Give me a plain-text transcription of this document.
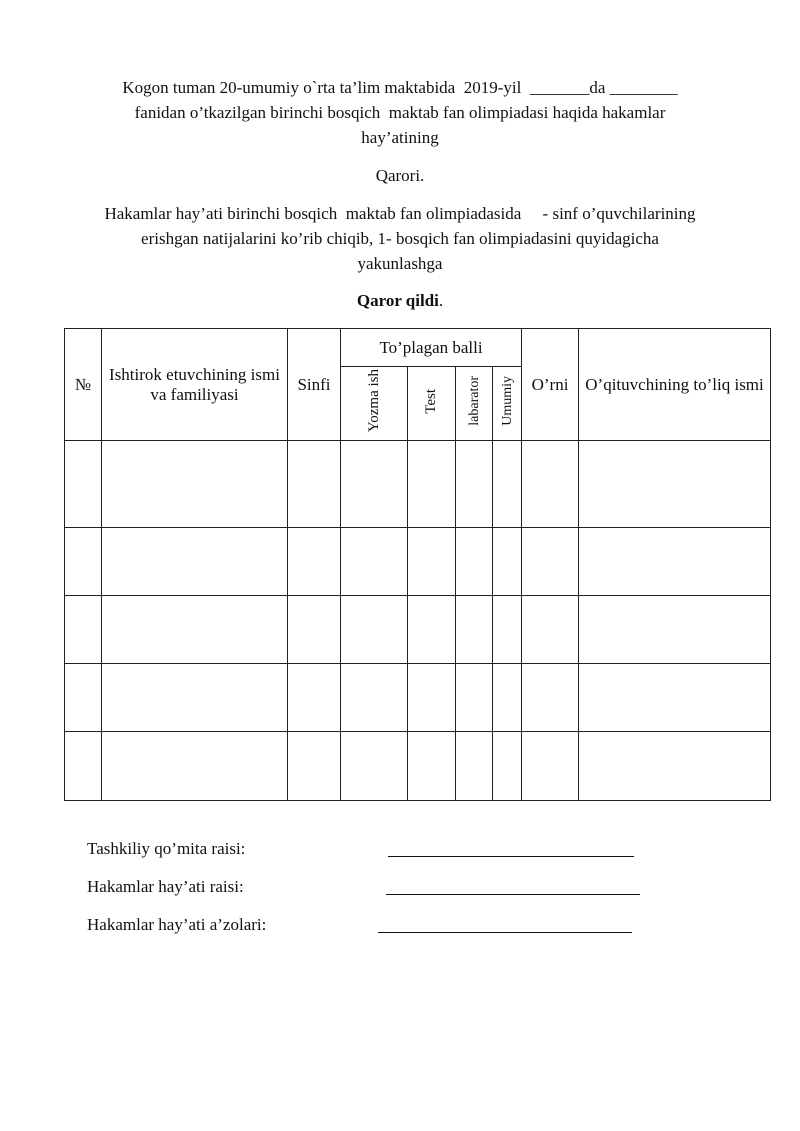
Kogon tuman 20-umumiy o`rta ta’lim maktabida  2019-yil  _______da ________
fanidan o’tkazilgan birinchi bosqich  maktab fan olimpiadasi haqida hakamlar
hay’atining
Qarori.
Hakamlar hay’ati birinchi bosqich  maktab fan olimpiadasida     - sinf o’quvchilarining
erishgan natijalarini ko’rib chiqib, 1- bosqich fan olimpiadasini quyidagicha
yakunlashga
Qaror qildi.
№	Ishtirok etuvchining ismi va familiyasi	Sinfi	To’plagan balli				O’rni	O’qituvchining to’liq ismi
			Yozma ish	Test	labarator	Umumiy		

Tashkiliy qo’mita raisi:
Hakamlar hay’ati raisi:
Hakamlar hay’ati a’zolari:
